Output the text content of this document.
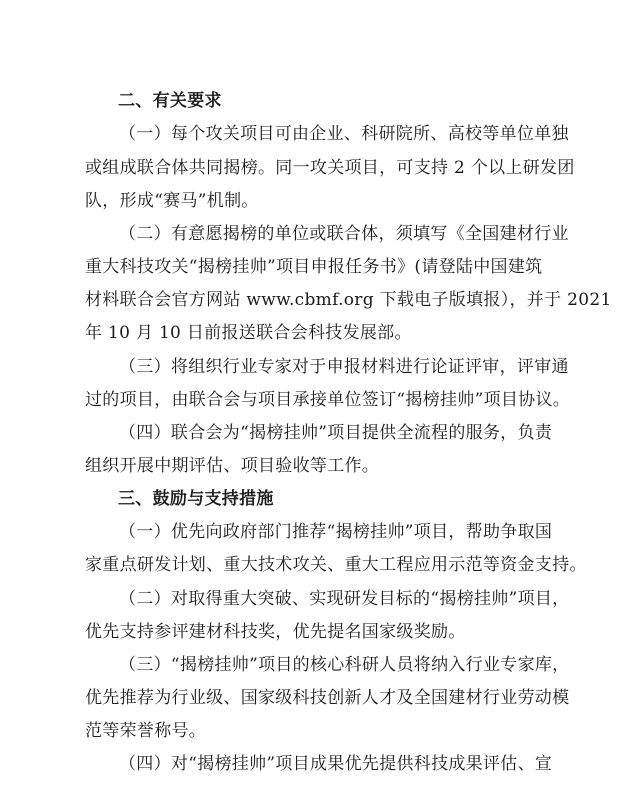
二、有关要求
（一）每个攻关项目可由企业、科研院所、高校等单位单独
或组成联合体共同揭榜。同一攻关项目，可支持 2 个以上研发团
队，形成“赛马”机制。
（二）有意愿揭榜的单位或联合体，须填写《全国建材行业
重大科技攻关“揭榜挂帅”项目申报任务书》(请登陆中国建筑
材料联合会官方网站 www.cbmf.org 下载电子版填报），并于 2021
年 10 月 10 日前报送联合会科技发展部。
（三）将组织行业专家对于申报材料进行论证评审，评审通
过的项目，由联合会与项目承接单位签订“揭榜挂帅”项目协议。
（四）联合会为“揭榜挂帅”项目提供全流程的服务，负责
组织开展中期评估、项目验收等工作。
三、鼓励与支持措施
（一）优先向政府部门推荐“揭榜挂帅”项目，帮助争取国
家重点研发计划、重大技术攻关、重大工程应用示范等资金支持。
（二）对取得重大突破、实现研发目标的“揭榜挂帅”项目，
优先支持参评建材科技奖，优先提名国家级奖励。
（三）“揭榜挂帅”项目的核心科研人员将纳入行业专家库，
优先推荐为行业级、国家级科技创新人才及全国建材行业劳动模
范等荣誉称号。
（四）对“揭榜挂帅”项目成果优先提供科技成果评估、宣
